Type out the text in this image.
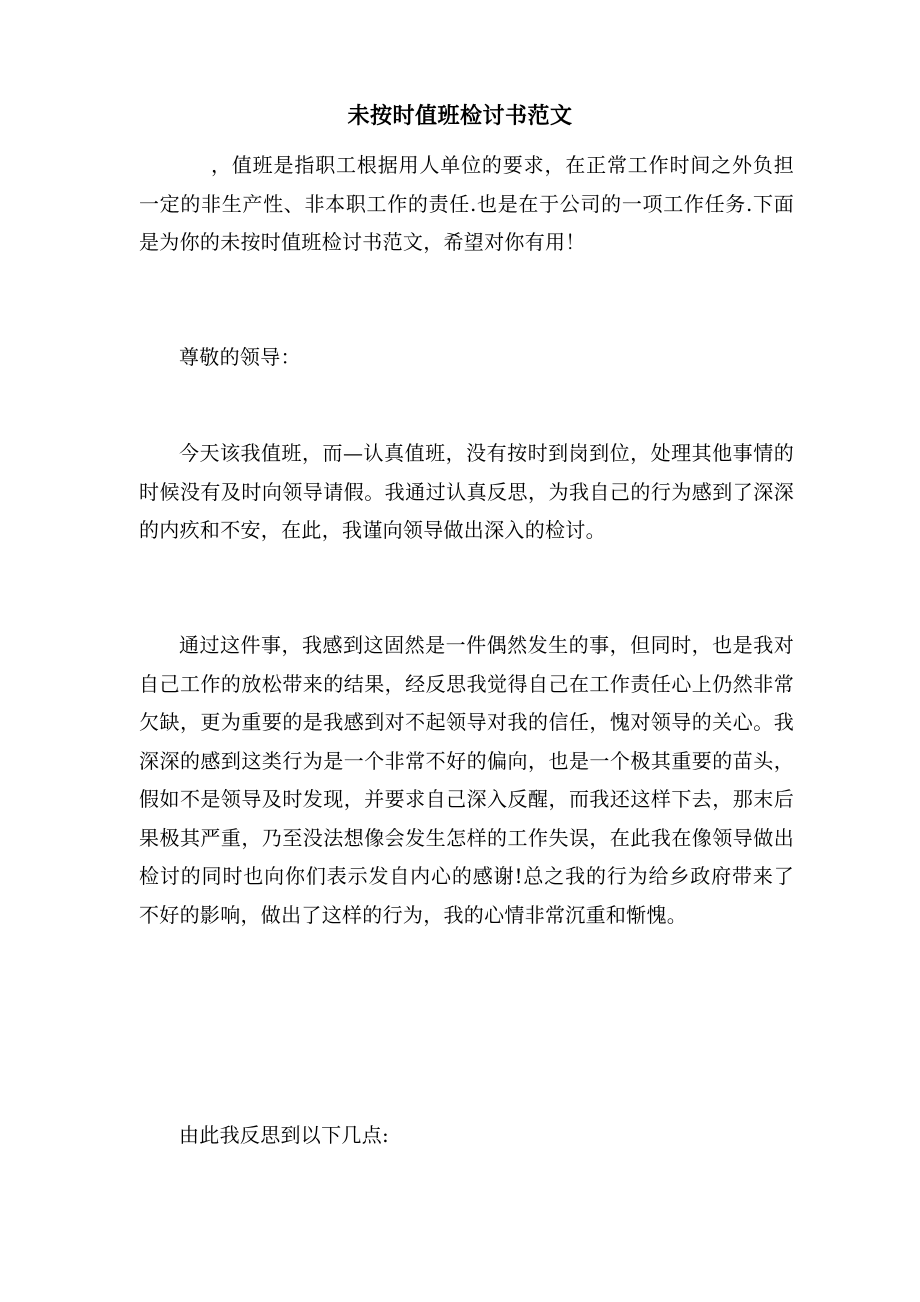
未按时值班检讨书范文

，值班是指职工根据用人单位的要求，在正常工作时间之外负担一定的非生产性、非本职工作的责任.也是在于公司的一项工作任务.下面是为你的未按时值班检讨书范文，希望对你有用！

尊敬的领导：

今天该我值班，而—认真值班，没有按时到岗到位，处理其他事情的时候没有及时向领导请假。我通过认真反思，为我自己的行为感到了深深的内疚和不安，在此，我谨向领导做出深入的检讨。

通过这件事，我感到这固然是一件偶然发生的事，但同时，也是我对自己工作的放松带来的结果，经反思我觉得自己在工作责任心上仍然非常欠缺，更为重要的是我感到对不起领导对我的信任，愧对领导的关心。我深深的感到这类行为是一个非常不好的偏向，也是一个极其重要的苗头，假如不是领导及时发现，并要求自己深入反醒，而我还这样下去，那末后果极其严重，乃至没法想像会发生怎样的工作失误，在此我在像领导做出检讨的同时也向你们表示发自内心的感谢!总之我的行为给乡政府带来了不好的影响，做出了这样的行为，我的心情非常沉重和惭愧。

由此我反思到以下几点:
